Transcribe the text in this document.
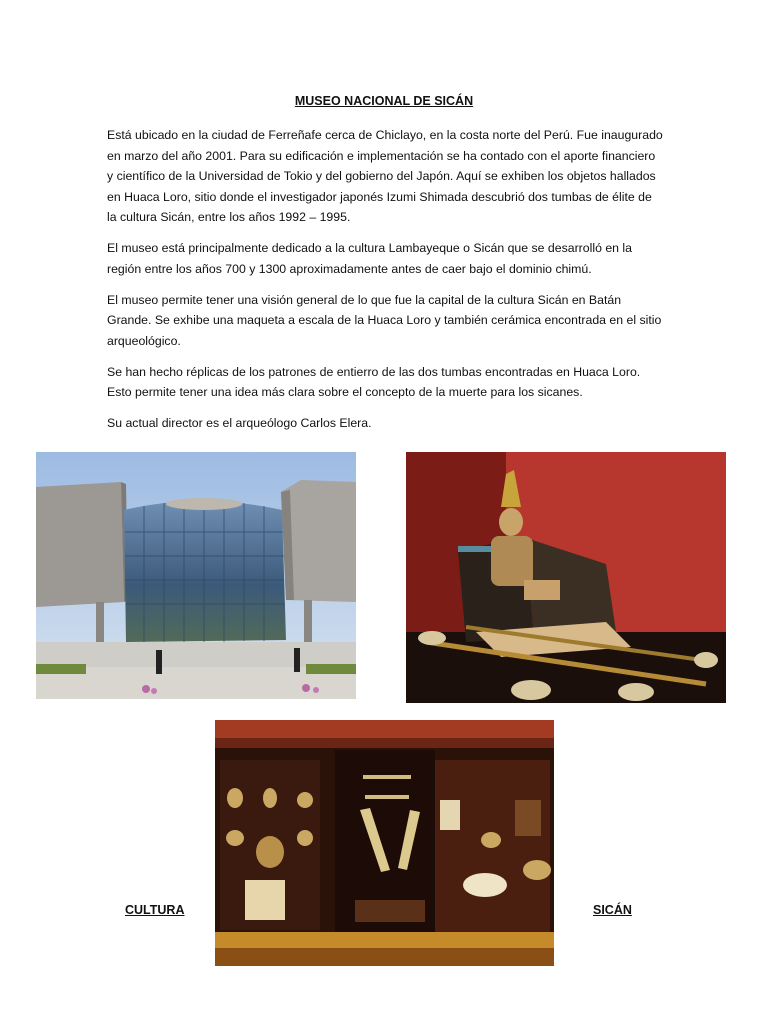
MUSEO NACIONAL DE SICÁN

Está ubicado en la ciudad de Ferreñafe cerca de Chiclayo, en la costa norte del Perú. Fue inaugurado en marzo del año 2001. Para su edificación e implementación se ha contado con el aporte financiero y científico de la Universidad de Tokio y del gobierno del Japón. Aquí se exhiben los objetos hallados en Huaca Loro, sitio donde el investigador japonés Izumi Shimada descubrió dos tumbas de élite de la cultura Sicán, entre los años 1992 – 1995.

El museo está principalmente dedicado a la cultura Lambayeque o Sicán que se desarrolló en la región entre los años 700 y 1300 aproximadamente antes de caer bajo el dominio chimú.

El museo permite tener una visión general de lo que fue la capital de la cultura Sicán en Batán Grande. Se exhibe una maqueta a escala de la Huaca Loro y también cerámica encontrada en el sitio arqueológico.

Se han hecho réplicas de los patrones de entierro de las dos tumbas encontradas en Huaca Loro. Esto permite tener una idea más clara sobre el concepto de la muerte para los sicanes.

Su actual director es el arqueólogo Carlos Elera.

CULTURA	SICÁN
